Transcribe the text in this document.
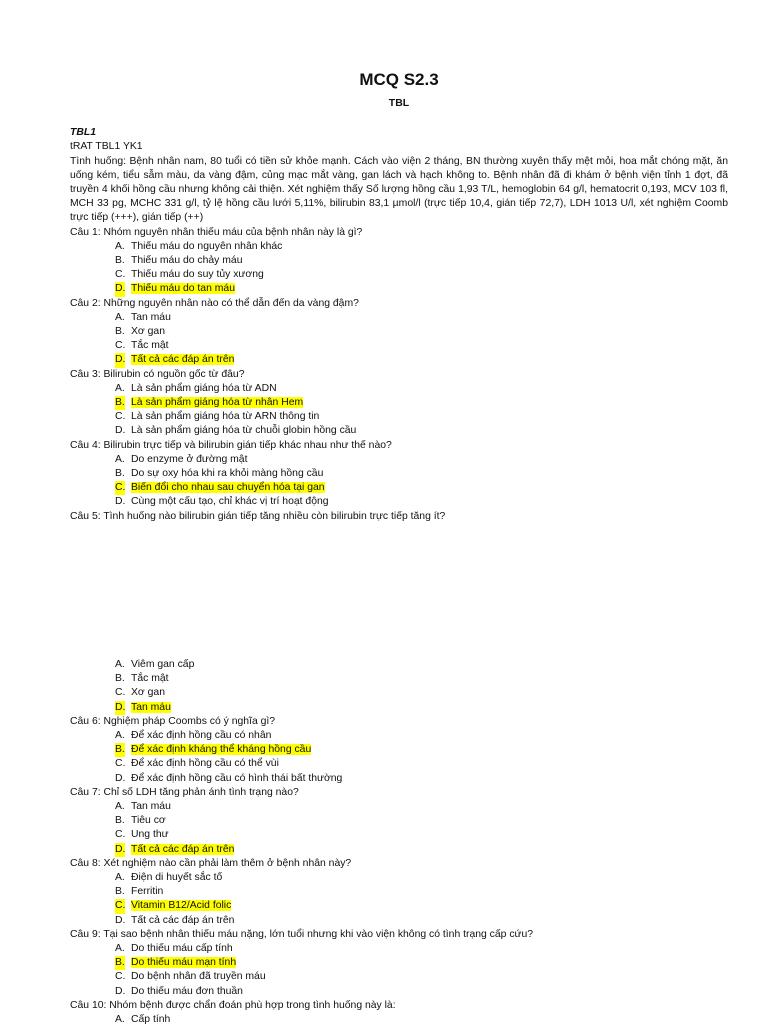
MCQ S2.3
TBL
TBL1
tRAT TBL1 YK1
Tình huống: Bệnh nhân nam, 80 tuổi có tiền sử khỏe mạnh. Cách vào viện 2 tháng, BN thường xuyên thấy mệt mỏi, hoa mắt chóng mặt, ăn uống kém, tiểu sẫm màu, da vàng đậm, củng mạc mắt vàng, gan lách và hạch không to. Bệnh nhân đã đi khám ở bệnh viện tỉnh 1 đợt, đã truyền 4 khối hồng cầu nhưng không cải thiện. Xét nghiệm thấy Số lượng hồng cầu 1,93 T/L, hemoglobin 64 g/l, hematocrit 0,193, MCV 103 fl, MCH 33 pg, MCHC 331 g/l, tỷ lệ hồng cầu lưới 5,11%, bilirubin 83,1 µmol/l (trực tiếp 10,4, gián tiếp 72,7), LDH 1013 U/l, xét nghiệm Coomb trực tiếp (+++), gián tiếp (++)
Câu 1: Nhóm nguyên nhân thiếu máu của bệnh nhân này là gì?
A. Thiếu máu do nguyên nhân khác
B. Thiếu máu do chảy máu
C. Thiếu máu do suy tủy xương
D. Thiếu máu do tan máu
Câu 2: Những nguyên nhân nào có thể dẫn đến da vàng đậm?
A. Tan máu
B. Xơ gan
C. Tắc mật
D. Tất cả các đáp án trên
Câu 3: Bilirubin có nguồn gốc từ đâu?
A. Là sản phẩm giáng hóa từ ADN
B. Là sản phẩm giáng hóa từ nhân Hem
C. Là sản phẩm giáng hóa từ ARN thông tin
D. Là sản phẩm giáng hóa từ chuỗi globin hồng cầu
Câu 4: Bilirubin trực tiếp và bilirubin gián tiếp khác nhau như thế nào?
A. Do enzyme ở đường mật
B. Do sự oxy hóa khi ra khỏi màng hồng cầu
C. Biến đổi cho nhau sau chuyển hóa tại gan
D. Cùng một cấu tạo, chỉ khác vị trí hoạt động
Câu 5: Tình huống nào bilirubin gián tiếp tăng nhiều còn bilirubin trực tiếp tăng ít?
A. Viêm gan cấp
B. Tắc mật
C. Xơ gan
D. Tan máu
Câu 6: Nghiệm pháp Coombs có ý nghĩa gì?
A. Để xác định hồng cầu có nhân
B. Để xác định kháng thể kháng hồng cầu
C. Để xác định hồng cầu có thể vùi
D. Để xác định hồng cầu có hình thái bất thường
Câu 7: Chỉ số LDH tăng phản ánh tình trạng nào?
A. Tan máu
B. Tiêu cơ
C. Ung thư
D. Tất cả các đáp án trên
Câu 8: Xét nghiệm nào cần phải làm thêm ở bệnh nhân này?
A. Điện di huyết sắc tố
B. Ferritin
C. Vitamin B12/Acid folic
D. Tất cả các đáp án trên
Câu 9: Tại sao bệnh nhân thiếu máu nặng, lớn tuổi nhưng khi vào viện không có tình trạng cấp cứu?
A. Do thiếu máu cấp tính
B. Do thiếu máu mạn tính
C. Do bệnh nhân đã truyền máu
D. Do thiếu máu đơn thuần
Câu 10: Nhóm bệnh được chẩn đoán phù hợp trong tình huống này là:
A. Cấp tính
